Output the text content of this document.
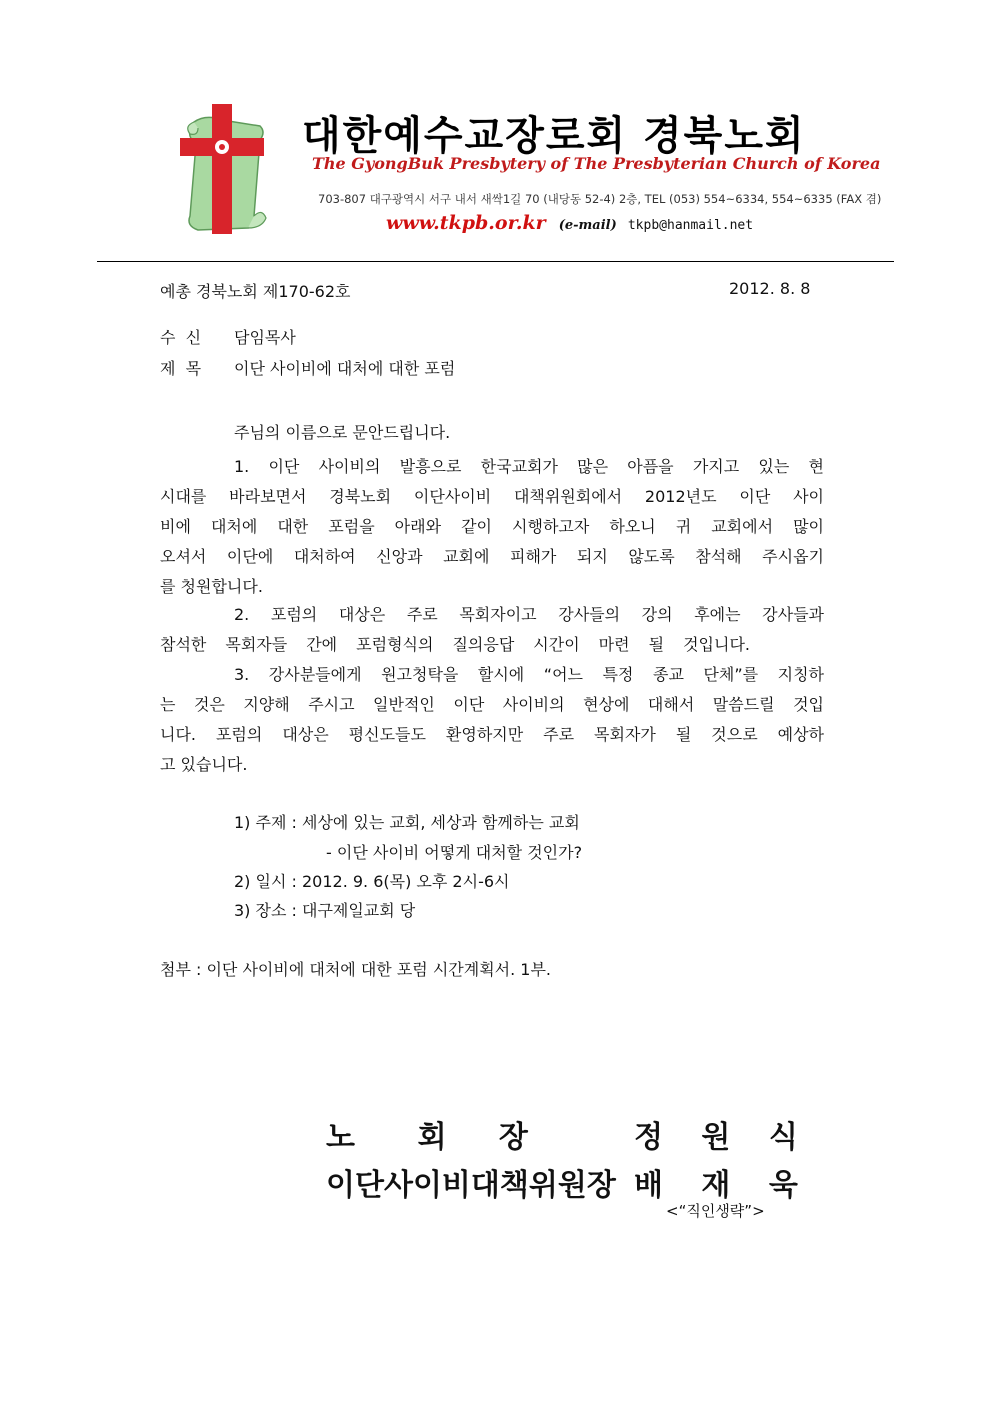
대한예수교장로회 경북노회
The GyongBuk Presbytery of The Presbyterian Church of Korea
703-807 대구광역시 서구 내서 새싹1길 70 (내당동 52-4) 2층, TEL (053) 554~6334, 554~6335 (FAX 겸)
www.tkpb.or.kr (e-mail) tkpb@hanmail.net
예총 경북노회 제170-62호	2012. 8. 8
수  신 담임목사
제  목 이단 사이비에 대처에 대한 포럼
주님의 이름으로 문안드립니다.
1. 이단 사이비의 발흥으로 한국교회가 많은 아픔을 가지고 있는 현
시대를 바라보면서 경북노회 이단사이비 대책위원회에서 2012년도 이단 사이
비에 대처에 대한 포럼을 아래와 같이 시행하고자 하오니 귀 교회에서 많이
오셔서 이단에 대처하여 신앙과 교회에 피해가 되지 않도록 참석해 주시옵기
를 청원합니다.
2. 포럼의 대상은 주로 목회자이고 강사들의 강의 후에는 강사들과
참석한 목회자들 간에 포럼형식의 질의응답 시간이 마련 될 것입니다.
3. 강사분들에게 원고청탁을 할시에 “어느 특정 종교 단체”를 지칭하
는 것은 지양해 주시고 일반적인 이단 사이비의 현상에 대해서 말씀드릴 것입
니다. 포럼의 대상은 평신도들도 환영하지만 주로 목회자가 될 것으로 예상하
고 있습니다.
1) 주제 : 세상에 있는 교회, 세상과 함께하는 교회
- 이단 사이비 어떻게 대처할 것인가?
2) 일시 : 2012. 9. 6(목) 오후 2시-6시
3) 장소 : 대구제일교회 당
첨부 : 이단 사이비에 대처에 대한 포럼 시간계획서. 1부.
노      회     장	정 원 식
이단사이비대책위원장 배 재 욱
<“직인생략”>
